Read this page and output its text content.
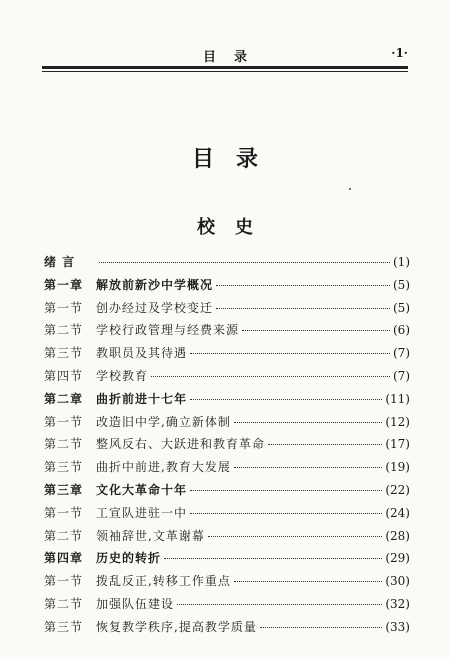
目录	·1·
目录
校史
绪 言	(1)
第一章	解放前新沙中学概况	(5)
第一节	创办经过及学校变迁	(5)
第二节	学校行政管理与经费来源	(6)
第三节	教职员及其待遇	(7)
第四节	学校教育	(7)
第二章	曲折前进十七年	(11)
第一节	改造旧中学,确立新体制	(12)
第二节	整风反右、大跃进和教育革命	(17)
第三节	曲折中前进,教育大发展	(19)
第三章	文化大革命十年	(22)
第一节	工宣队进驻一中	(24)
第二节	领袖辞世,文革谢幕	(28)
第四章	历史的转折	(29)
第一节	拨乱反正,转移工作重点	(30)
第二节	加强队伍建设	(32)
第三节	恢复教学秩序,提高教学质量	(33)
